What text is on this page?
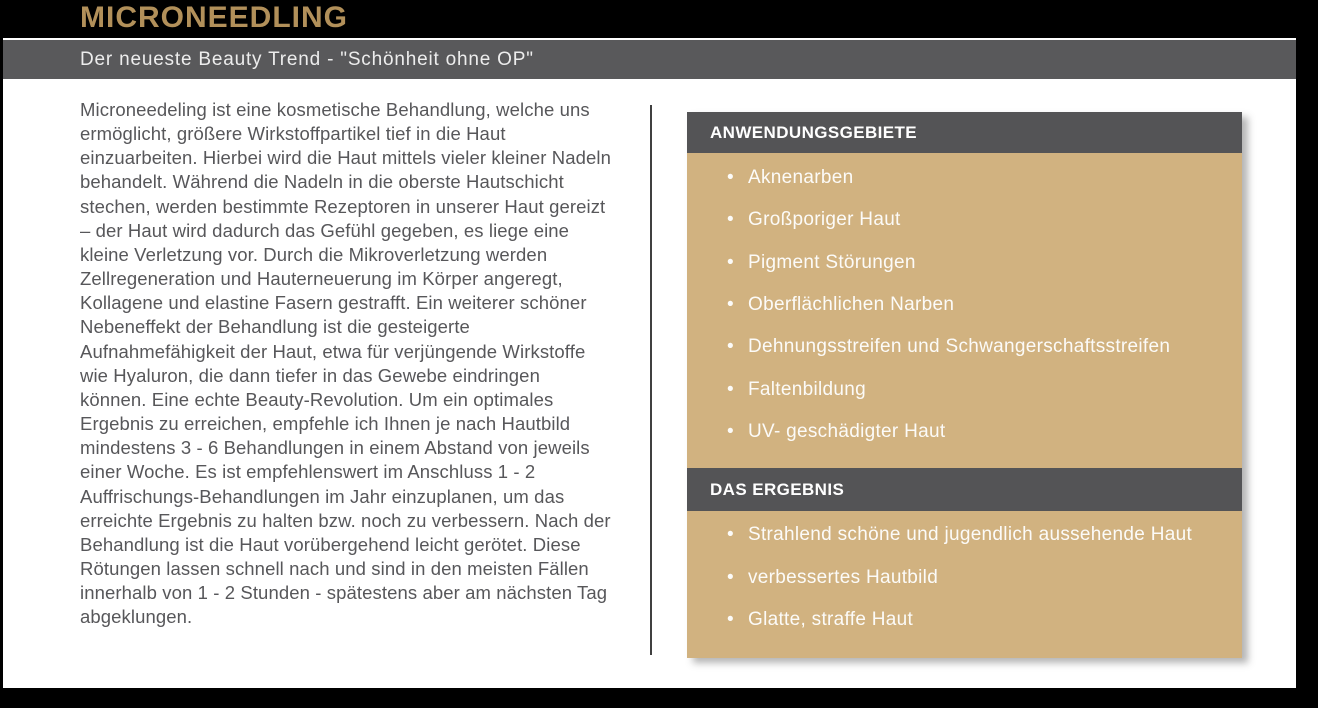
MICRONEEDLING
Der neueste Beauty Trend - "Schönheit ohne OP"
Microneedeling ist eine kosmetische Behandlung, welche uns
ermöglicht, größere Wirkstoffpartikel tief in die Haut
einzuarbeiten. Hierbei wird die Haut mittels vieler kleiner Nadeln
behandelt. Während die Nadeln in die oberste Hautschicht
stechen, werden bestimmte Rezeptoren in unserer Haut gereizt
– der Haut wird dadurch das Gefühl gegeben, es liege eine
kleine Verletzung vor. Durch die Mikroverletzung werden
Zellregeneration und Hauterneuerung im Körper angeregt,
Kollagene und elastine Fasern gestrafft. Ein weiterer schöner
Nebeneffekt der Behandlung ist die gesteigerte
Aufnahmefähigkeit der Haut, etwa für verjüngende Wirkstoffe
wie Hyaluron, die dann tiefer in das Gewebe eindringen
können. Eine echte Beauty-Revolution. Um ein optimales
Ergebnis zu erreichen, empfehle ich Ihnen je nach Hautbild
mindestens 3 - 6 Behandlungen in einem Abstand von jeweils
einer Woche. Es ist empfehlenswert im Anschluss 1 - 2
Auffrischungs-Behandlungen im Jahr einzuplanen, um das
erreichte Ergebnis zu halten bzw. noch zu verbessern. Nach der
Behandlung ist die Haut vorübergehend leicht gerötet. Diese
Rötungen lassen schnell nach und sind in den meisten Fällen
innerhalb von 1 - 2 Stunden - spätestens aber am nächsten Tag
abgeklungen.
ANWENDUNGSGEBIETE
• Aknenarben
• Großporiger Haut
• Pigment Störungen
• Oberflächlichen Narben
• Dehnungsstreifen und Schwangerschaftsstreifen
• Faltenbildung
• UV- geschädigter Haut
DAS ERGEBNIS
• Strahlend schöne und jugendlich aussehende Haut
• verbessertes Hautbild
• Glatte, straffe Haut
